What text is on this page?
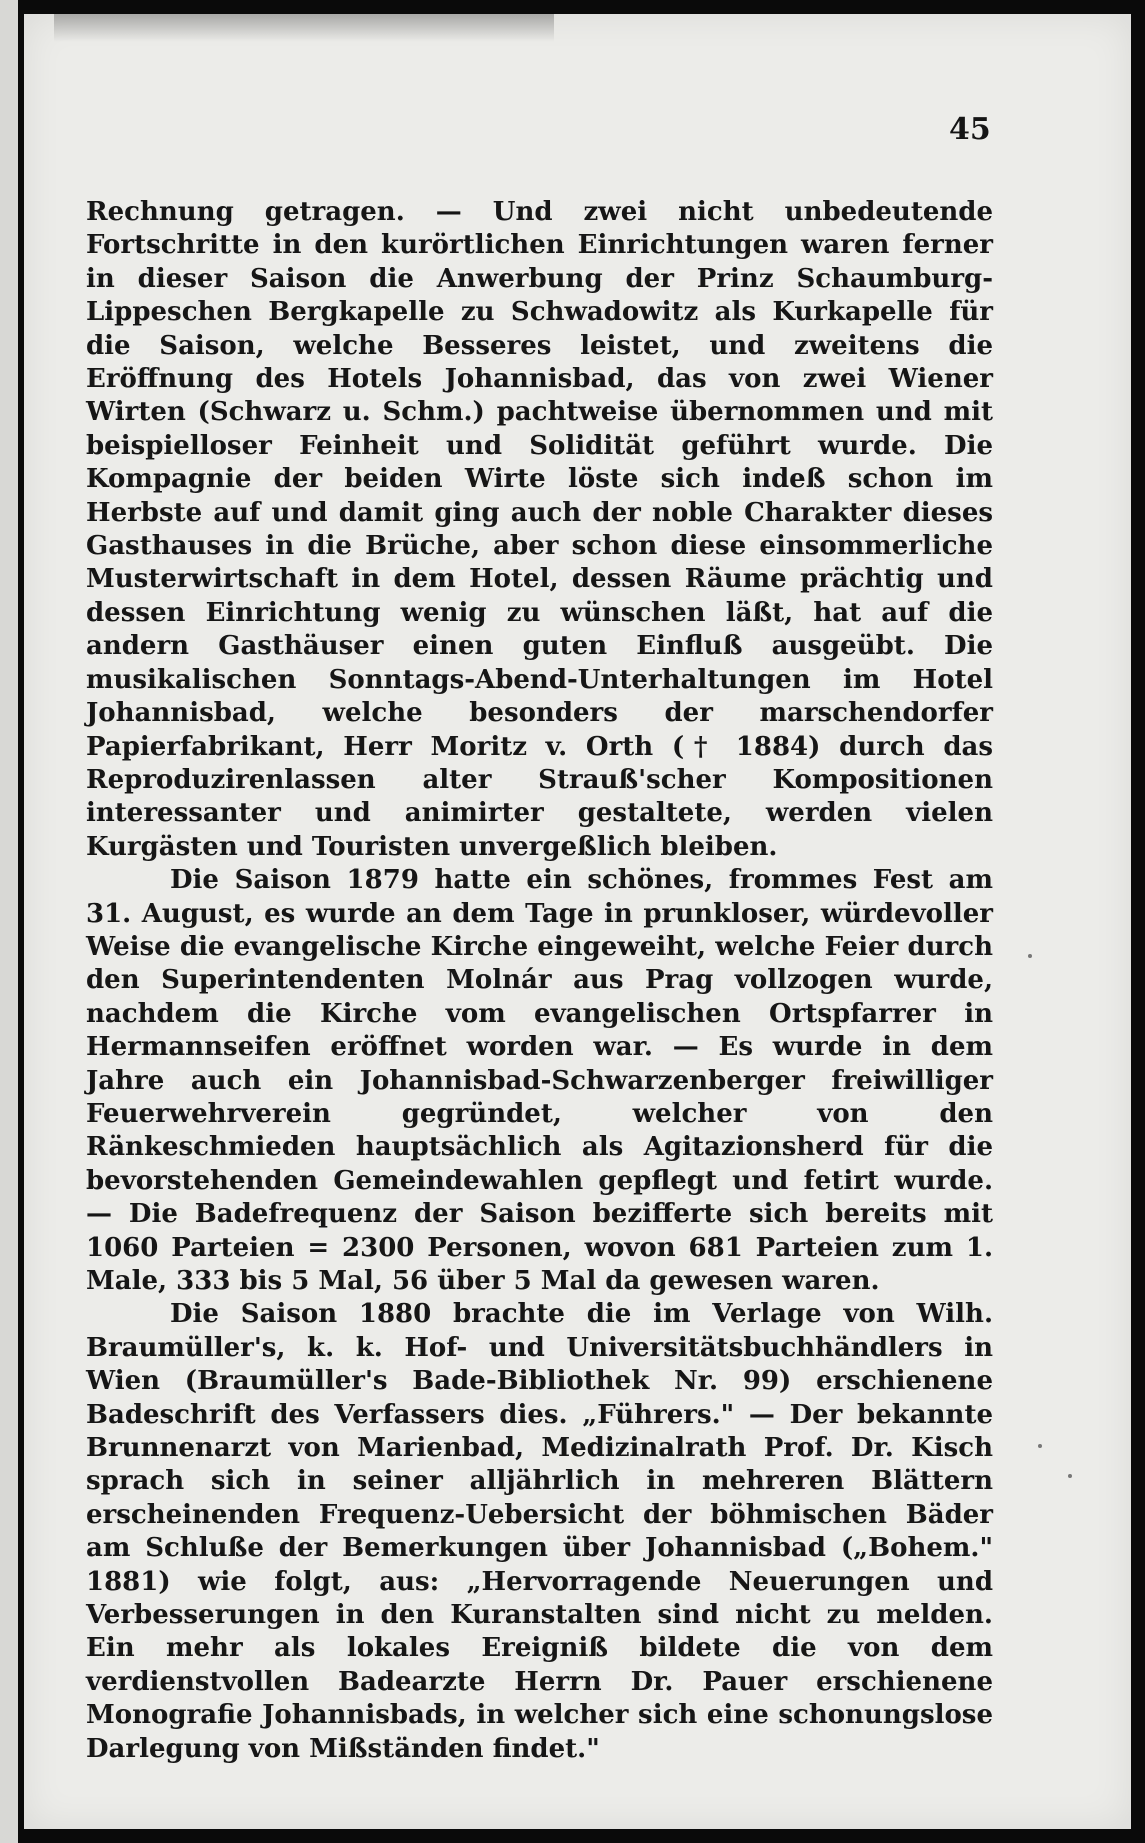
45

Rechnung getragen. — Und zwei nicht unbedeutende Fortschritte in den kurörtlichen Einrichtungen waren ferner in dieser Saison die Anwerbung der Prinz Schaumburg-Lippeschen Bergkapelle zu Schwadowitz als Kurkapelle für die Saison, welche Besseres leistet, und zweitens die Eröffnung des Hotels Johannisbad, das von zwei Wiener Wirten (Schwarz u. Schm.) pachtweise übernommen und mit beispielloser Feinheit und Solidität geführt wurde. Die Kompagnie der beiden Wirte löste sich indeß schon im Herbste auf und damit ging auch der noble Charakter dieses Gasthauses in die Brüche, aber schon diese einsommerliche Musterwirtschaft in dem Hotel, dessen Räume prächtig und dessen Einrichtung wenig zu wünschen läßt, hat auf die andern Gasthäuser einen guten Einfluß ausgeübt. Die musikalischen Sonntags-Abend-Unterhaltungen im Hotel Johannisbad, welche besonders der marschendorfer Papierfabrikant, Herr Moritz v. Orth († 1884) durch das Reproduzirenlassen alter Strauß'scher Kompositionen interessanter und animirter gestaltete, werden vielen Kurgästen und Touristen unvergeßlich bleiben.

Die Saison 1879 hatte ein schönes, frommes Fest am 31. August, es wurde an dem Tage in prunkloser, würdevoller Weise die evangelische Kirche eingeweiht, welche Feier durch den Superintendenten Molnár aus Prag vollzogen wurde, nachdem die Kirche vom evangelischen Ortspfarrer in Hermannseifen eröffnet worden war. — Es wurde in dem Jahre auch ein Johannisbad-Schwarzenberger freiwilliger Feuerwehrverein gegründet, welcher von den Ränkeschmieden hauptsächlich als Agitazionsherd für die bevorstehenden Gemeindewahlen gepflegt und fetirt wurde. — Die Badefrequenz der Saison bezifferte sich bereits mit 1060 Parteien = 2300 Personen, wovon 681 Parteien zum 1. Male, 333 bis 5 Mal, 56 über 5 Mal da gewesen waren.

Die Saison 1880 brachte die im Verlage von Wilh. Braumüller's, k. k. Hof- und Universitätsbuchhändlers in Wien (Braumüller's Bade-Bibliothek Nr. 99) erschienene Badeschrift des Verfassers dies. „Führers." — Der bekannte Brunnenarzt von Marienbad, Medizinalrath Prof. Dr. Kisch sprach sich in seiner alljährlich in mehreren Blättern erscheinenden Frequenz-Uebersicht der böhmischen Bäder am Schluße der Bemerkungen über Johannisbad („Bohem." 1881) wie folgt, aus: „Hervorragende Neuerungen und Verbesserungen in den Kuranstalten sind nicht zu melden. Ein mehr als lokales Ereigniß bildete die von dem verdienstvollen Badearzte Herrn Dr. Pauer erschienene Monografie Johannisbads, in welcher sich eine schonungslose Darlegung von Mißständen findet."
